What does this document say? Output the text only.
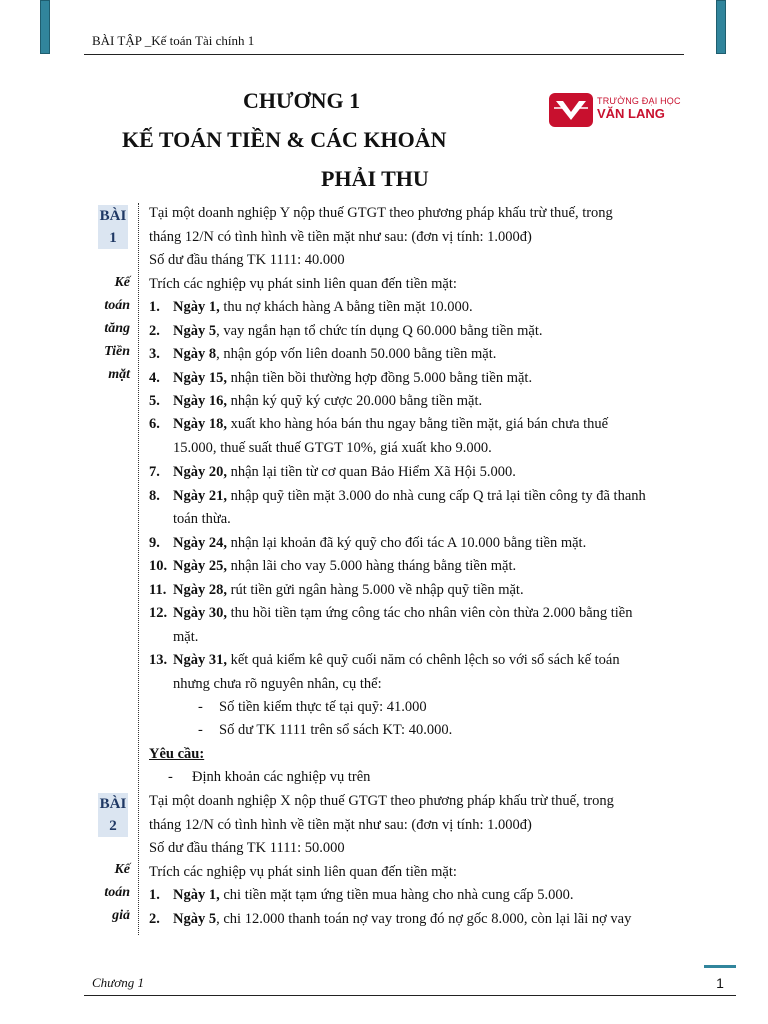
BÀI TẬP _Kế toán Tài chính 1
CHƯƠNG 1
KẾ TOÁN TIỀN & CÁC KHOẢN
PHẢI THU
TRƯỜNG ĐẠI HỌC
VĂN LANG
BÀI
1
Kế
toán
tăng
Tiền
mặt
Tại một doanh nghiệp Y nộp thuế GTGT theo phương pháp khấu trừ thuế, trong
tháng 12/N có tình hình về tiền mặt như sau: (đơn vị tính: 1.000đ)
Số dư đầu tháng TK 1111: 40.000
Trích các nghiệp vụ phát sinh liên quan đến tiền mặt:
1. Ngày 1, thu nợ khách hàng A bằng tiền mặt 10.000.
2. Ngày 5, vay ngắn hạn tổ chức tín dụng Q 60.000 bằng tiền mặt.
3. Ngày 8, nhận góp vốn liên doanh 50.000 bằng tiền mặt.
4. Ngày 15, nhận tiền bồi thường hợp đồng 5.000 bằng tiền mặt.
5. Ngày 16, nhận ký quỹ ký cược 20.000 bằng tiền mặt.
6. Ngày 18, xuất kho hàng hóa bán thu ngay bằng tiền mặt, giá bán chưa thuế
15.000, thuế suất thuế GTGT 10%, giá xuất kho 9.000.
7. Ngày 20, nhận lại tiền từ cơ quan Bảo Hiểm Xã Hội 5.000.
8. Ngày 21, nhập quỹ tiền mặt 3.000 do nhà cung cấp Q trả lại tiền công ty đã thanh
toán thừa.
9. Ngày 24, nhận lại khoản đã ký quỹ cho đối tác A 10.000 bằng tiền mặt.
10. Ngày 25, nhận lãi cho vay 5.000 hàng tháng bằng tiền mặt.
11. Ngày 28, rút tiền gửi ngân hàng 5.000 về nhập quỹ tiền mặt.
12. Ngày 30, thu hồi tiền tạm ứng công tác cho nhân viên còn thừa 2.000 bằng tiền
mặt.
13. Ngày 31, kết quả kiểm kê quỹ cuối năm có chênh lệch so với sổ sách kế toán
nhưng chưa rõ nguyên nhân, cụ thể:
- Số tiền kiểm thực tế tại quỹ: 41.000
- Số dư TK 1111 trên sổ sách KT: 40.000.
Yêu cầu:
- Định khoản các nghiệp vụ trên
BÀI
2
Kế
toán
giả
Tại một doanh nghiệp X nộp thuế GTGT theo phương pháp khấu trừ thuế, trong
tháng 12/N có tình hình về tiền mặt như sau: (đơn vị tính: 1.000đ)
Số dư đầu tháng TK 1111: 50.000
Trích các nghiệp vụ phát sinh liên quan đến tiền mặt:
1. Ngày 1, chi tiền mặt tạm ứng tiền mua hàng cho nhà cung cấp 5.000.
2. Ngày 5, chi 12.000 thanh toán nợ vay trong đó nợ gốc 8.000, còn lại lãi nợ vay
Chương 1	1
